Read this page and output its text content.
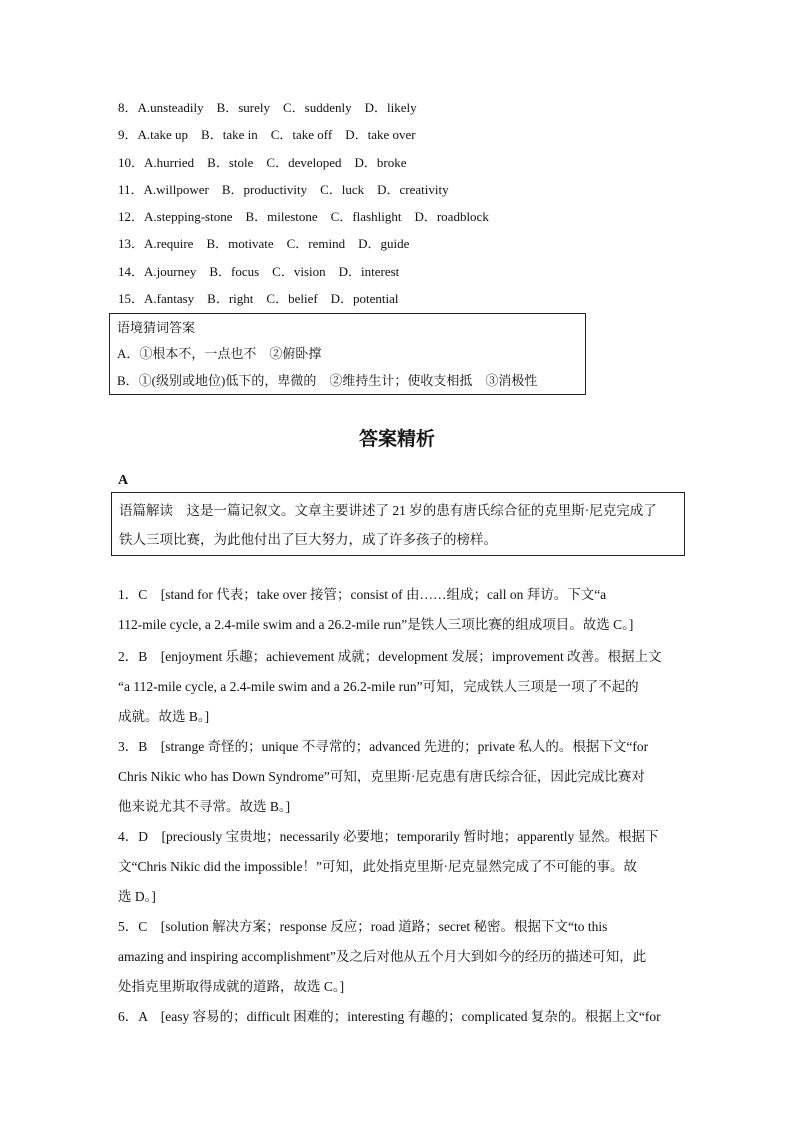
8．A.unsteadily　B．surely　C．suddenly　D．likely
9．A.take up　B．take in　C．take off　D．take over
10．A.hurried　B．stole　C．developed　D．broke
11．A.willpower　B．productivity　C．luck　D．creativity
12．A.stepping-stone　B．milestone　C．flashlight　D．roadblock
13．A.require　B．motivate　C．remind　D．guide
14．A.journey　B．focus　C．vision　D．interest
15．A.fantasy　B．right　C．belief　D．potential
语境猜词答案
A．①根本不，一点也不　②俯卧撑
B．①(级别或地位)低下的，卑微的　②维持生计；使收支相抵　③消极性
答案精析
A
语篇解读　这是一篇记叙文。文章主要讲述了 21 岁的患有唐氏综合征的克里斯·尼克完成了
铁人三项比赛，为此他付出了巨大努力，成了许多孩子的榜样。
1．C　[stand for 代表；take over 接管；consist of 由……组成；call on 拜访。下文“a
112-mile cycle, a 2.4-mile swim and a 26.2-mile run”是铁人三项比赛的组成项目。故选 C。]
2．B　[enjoyment 乐趣；achievement 成就；development 发展；improvement 改善。根据上文
“a 112-mile cycle, a 2.4-mile swim and a 26.2-mile run”可知，完成铁人三项是一项了不起的
成就。故选 B。]
3．B　[strange 奇怪的；unique 不寻常的；advanced 先进的；private 私人的。根据下文“for
Chris Nikic who has Down Syndrome”可知，克里斯·尼克患有唐氏综合征，因此完成比赛对
他来说尤其不寻常。故选 B。]
4．D　[preciously 宝贵地；necessarily 必要地；temporarily 暂时地；apparently 显然。根据下
文“Chris Nikic did the impossible！”可知，此处指克里斯·尼克显然完成了不可能的事。故
选 D。]
5．C　[solution 解决方案；response 反应；road 道路；secret 秘密。根据下文“to this
amazing and inspiring accomplishment”及之后对他从五个月大到如今的经历的描述可知，此
处指克里斯取得成就的道路，故选 C。]
6．A　[easy 容易的；difficult 困难的；interesting 有趣的；complicated 复杂的。根据上文“for
